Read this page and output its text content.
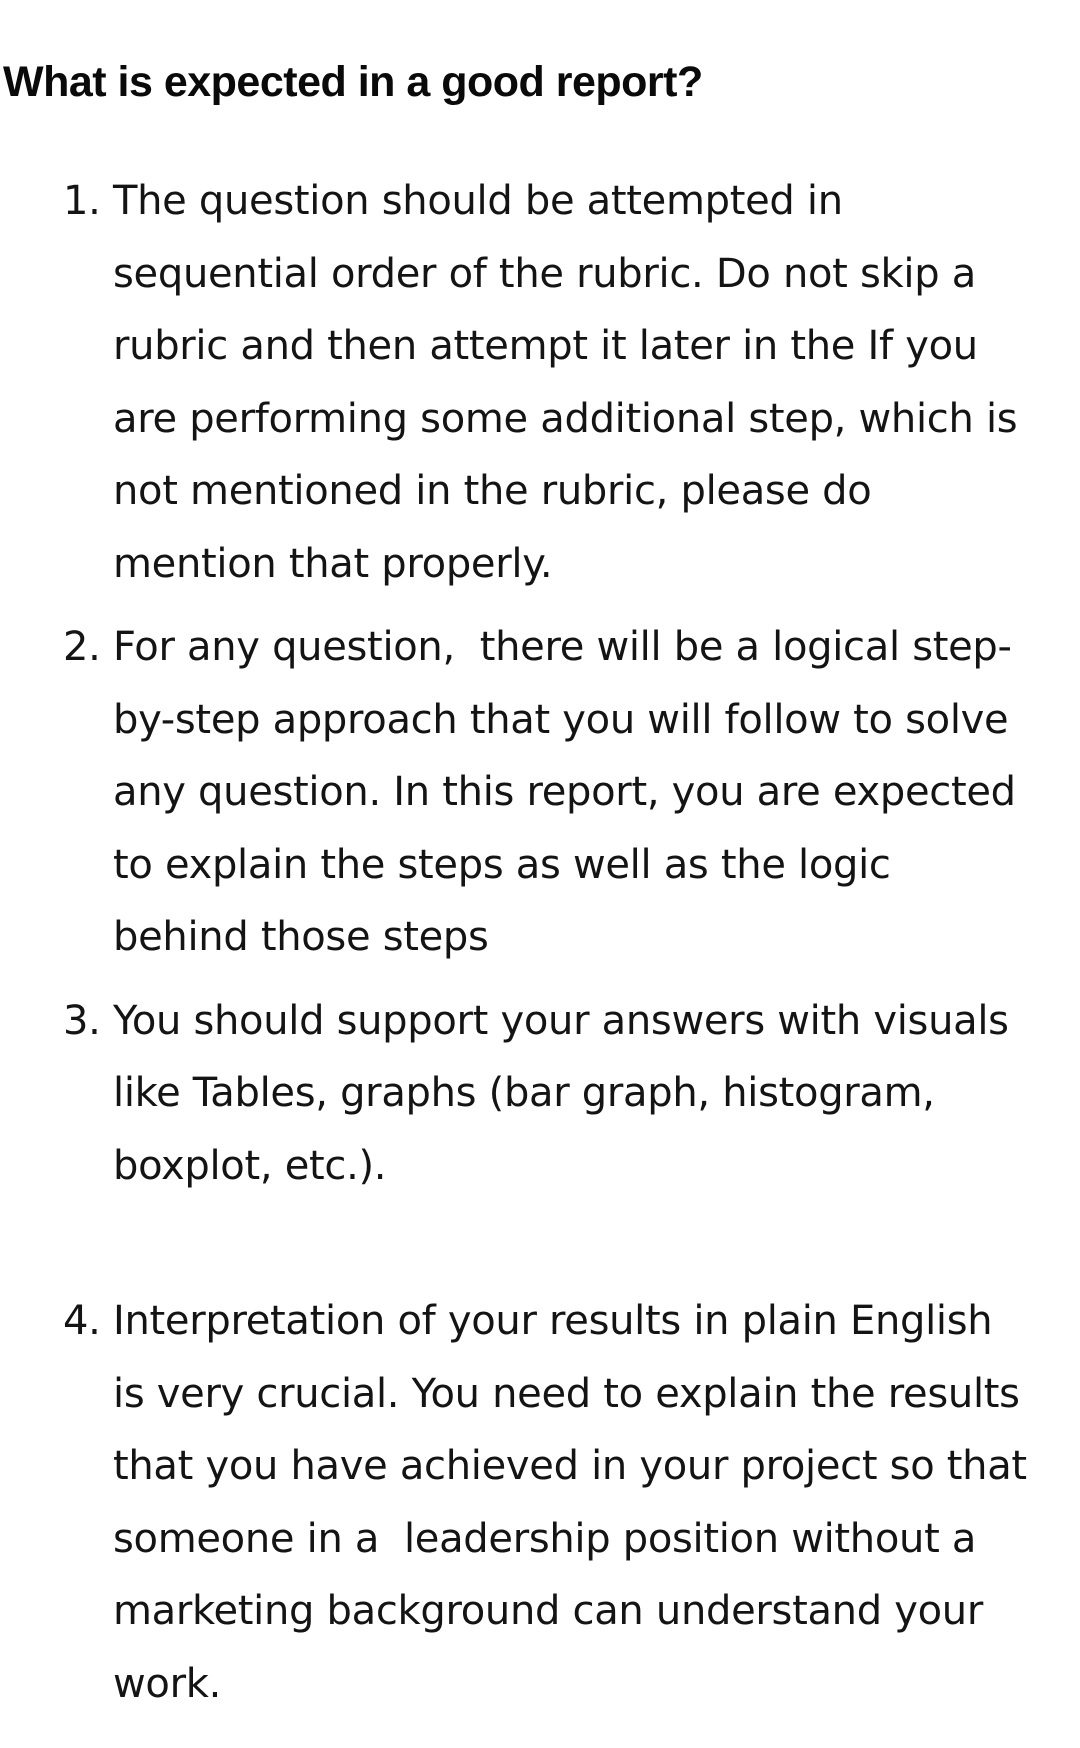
What is expected in a good report?
1. The question should be attempted in sequential order of the rubric. Do not skip a rubric and then attempt it later in the If you are performing some additional step, which is not mentioned in the rubric, please do mention that properly.
2. For any question,  there will be a logical step-by-step approach that you will follow to solve any question. In this report, you are expected to explain the steps as well as the logic behind those steps
3. You should support your answers with visuals like Tables, graphs (bar graph, histogram, boxplot, etc.).
4. Interpretation of your results in plain English is very crucial. You need to explain the results that you have achieved in your project so that someone in a  leadership position without a marketing background can understand your work.
